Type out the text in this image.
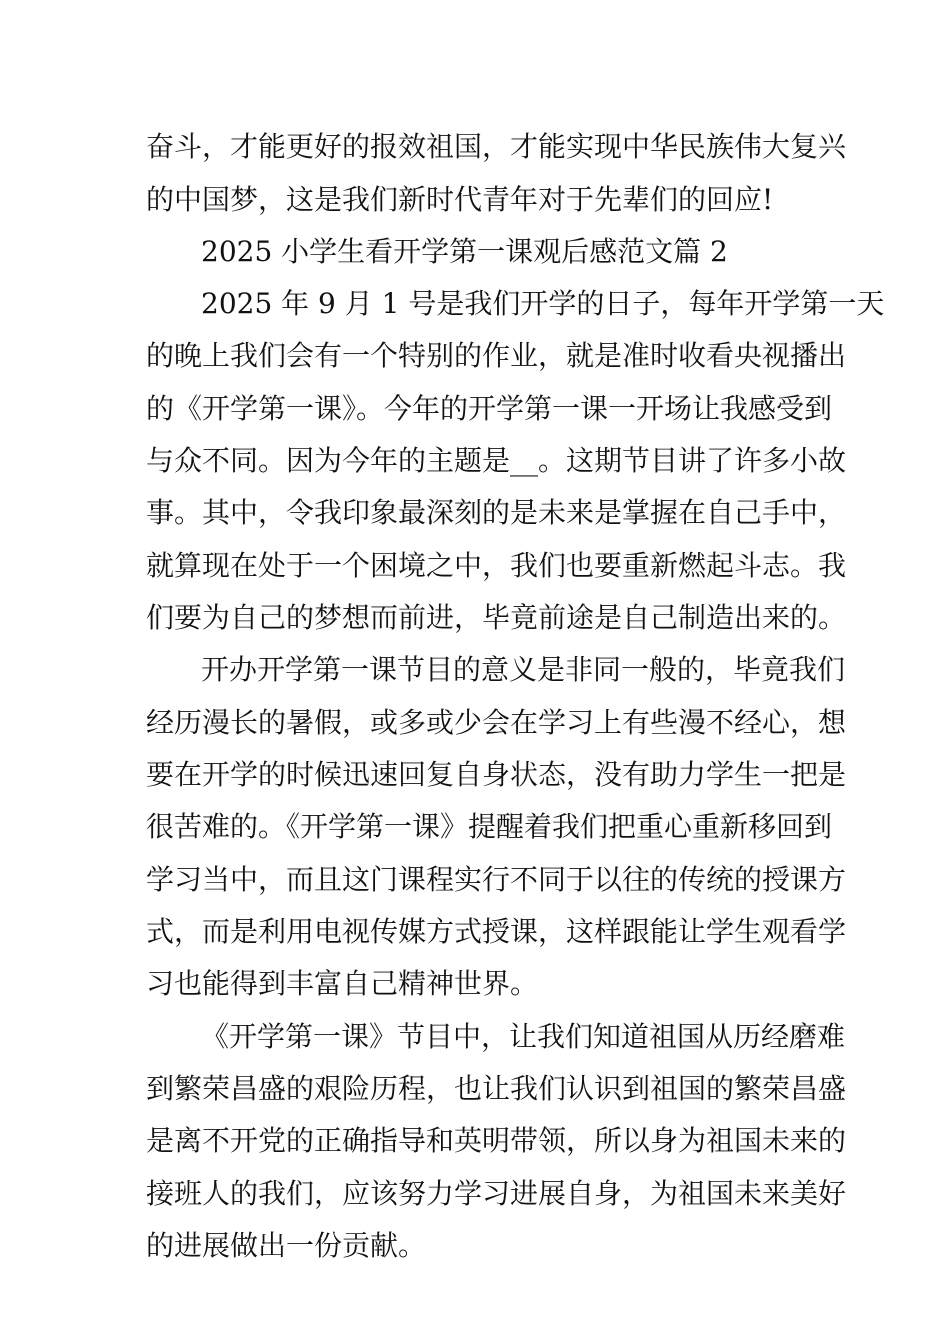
奋斗，才能更好的报效祖国，才能实现中华民族伟大复兴
的中国梦，这是我们新时代青年对于先辈们的回应!
2025 小学生看开学第一课观后感范文篇 2
2025 年 9 月 1 号是我们开学的日子，每年开学第一天
的晚上我们会有一个特别的作业，就是准时收看央视播出
的《开学第一课》。今年的开学第一课一开场让我感受到
与众不同。因为今年的主题是__。这期节目讲了许多小故
事。其中，令我印象最深刻的是未来是掌握在自己手中，
就算现在处于一个困境之中，我们也要重新燃起斗志。我
们要为自己的梦想而前进，毕竟前途是自己制造出来的。
开办开学第一课节目的意义是非同一般的，毕竟我们
经历漫长的暑假，或多或少会在学习上有些漫不经心，想
要在开学的时候迅速回复自身状态，没有助力学生一把是
很苦难的。《开学第一课》提醒着我们把重心重新移回到
学习当中，而且这门课程实行不同于以往的传统的授课方
式，而是利用电视传媒方式授课，这样跟能让学生观看学
习也能得到丰富自己精神世界。
《开学第一课》节目中，让我们知道祖国从历经磨难
到繁荣昌盛的艰险历程，也让我们认识到祖国的繁荣昌盛
是离不开党的正确指导和英明带领，所以身为祖国未来的
接班人的我们，应该努力学习进展自身，为祖国未来美好
的进展做出一份贡献。
